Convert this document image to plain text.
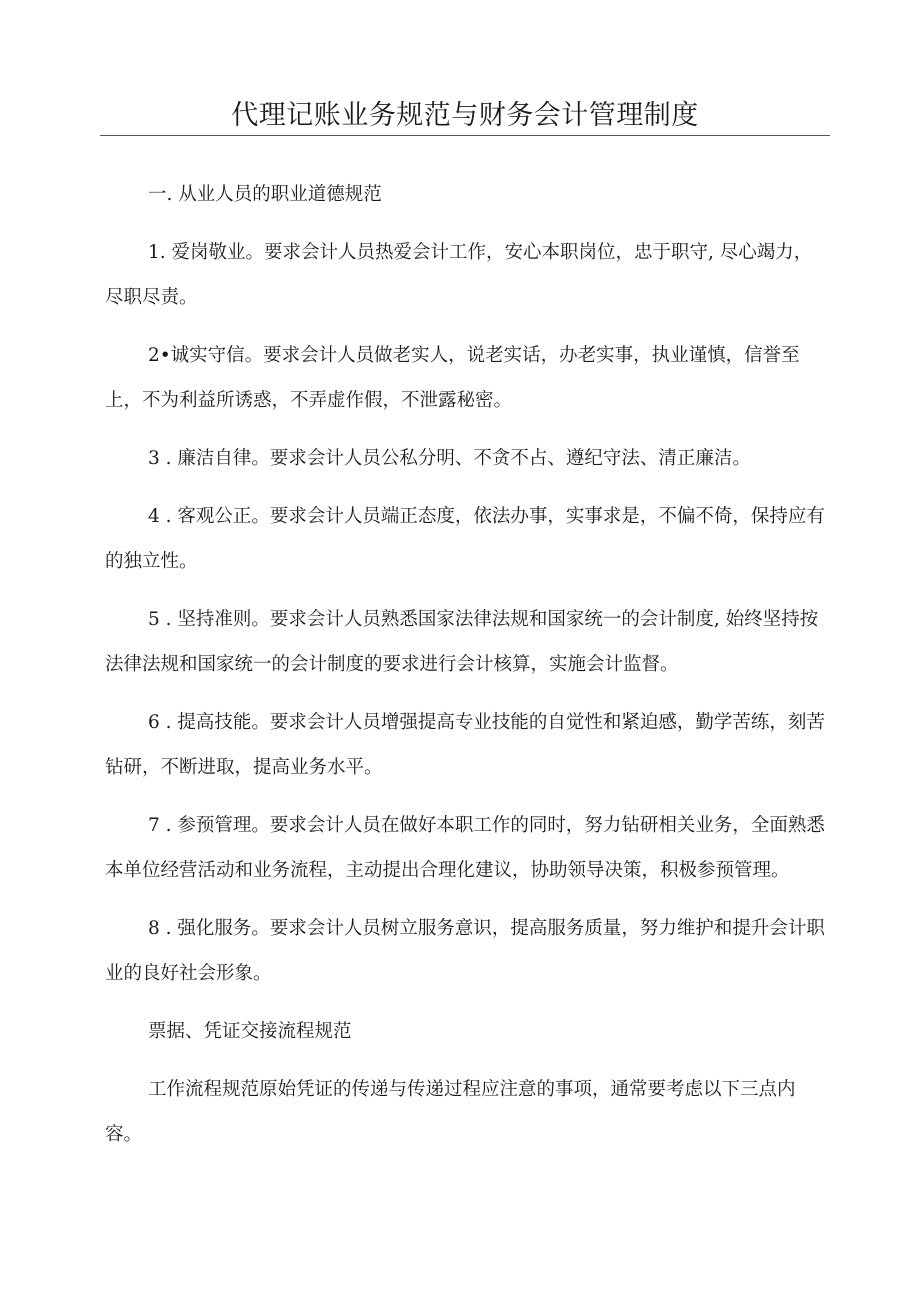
代理记账业务规范与财务会计管理制度

一. 从业人员的职业道德规范

1. 爱岗敬业。要求会计人员热爱会计工作，安心本职岗位，忠于职守, 尽心竭力，尽职尽责。

2•诚实守信。要求会计人员做老实人，说老实话，办老实事，执业谨慎，信誉至上，不为利益所诱惑，不弄虚作假，不泄露秘密。

3 . 廉洁自律。要求会计人员公私分明、不贪不占、遵纪守法、清正廉洁。

4 . 客观公正。要求会计人员端正态度，依法办事，实事求是，不偏不倚，保持应有的独立性。

5 . 坚持准则。要求会计人员熟悉国家法律法规和国家统一的会计制度, 始终坚持按法律法规和国家统一的会计制度的要求进行会计核算，实施会计监督。

6 . 提高技能。要求会计人员增强提高专业技能的自觉性和紧迫感，勤学苦练，刻苦钻研，不断进取，提高业务水平。

7 . 参预管理。要求会计人员在做好本职工作的同时，努力钻研相关业务，全面熟悉本单位经营活动和业务流程，主动提出合理化建议，协助领导决策，积极参预管理。

8 . 强化服务。要求会计人员树立服务意识，提高服务质量，努力维护和提升会计职业的良好社会形象。

票据、凭证交接流程规范

工作流程规范原始凭证的传递与传递过程应注意的事项，通常要考虑以下三点内容。
